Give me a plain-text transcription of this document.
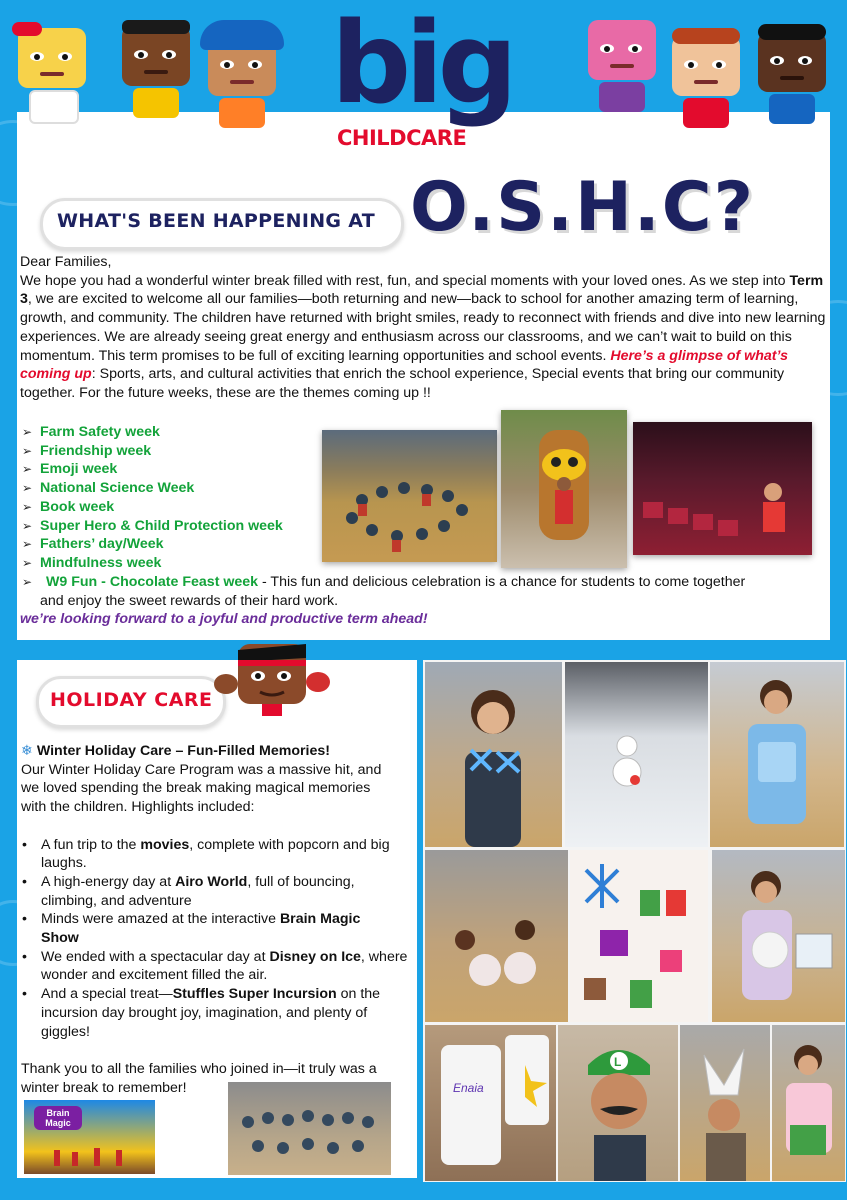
big
CHILDCARE
WHAT'S BEEN HAPPENING AT O.S.H.C?

Dear Families,

We hope you had a wonderful winter break filled with rest, fun, and special moments with your loved ones. As we step into Term 3, we are excited to welcome all our families—both returning and new—back to school for another amazing term of learning, growth, and community. The children have returned with bright smiles, ready to reconnect with friends and dive into new learning experiences. We are already seeing great energy and enthusiasm across our classrooms, and we can’t wait to build on this momentum. This term promises to be full of exciting learning opportunities and school events. Here’s a glimpse of what’s coming up: Sports, arts, and cultural activities that enrich the school experience, Special events that bring our community together. For the future weeks, these are the themes coming up !!

➢ Farm Safety week
➢ Friendship week
➢ Emoji week
➢ National Science Week
➢ Book week
➢ Super Hero & Child Protection week
➢ Fathers’ day/Week
➢ Mindfulness week
➢ W9 Fun - Chocolate Feast week - This fun and delicious celebration is a chance for students to come together
and enjoy the sweet rewards of their hard work.
we’re looking forward to a joyful and productive term ahead!
HOLIDAY CARE

❄ Winter Holiday Care – Fun-Filled Memories!

Our Winter Holiday Care Program was a massive hit, and we loved spending the break making magical memories with the children. Highlights included:

• A fun trip to the movies, complete with popcorn and big laughs.
• A high-energy day at Airo World, full of bouncing, climbing, and adventure
• Minds were amazed at the interactive Brain Magic Show
• We ended with a spectacular day at Disney on Ice, where wonder and excitement filled the air.
• And a special treat—Stuffles Super Incursion on the incursion day brought joy, imagination, and plenty of giggles!

Thank you to all the families who joined in—it truly was a winter break to remember!

Brain Magic
Enaia
L
